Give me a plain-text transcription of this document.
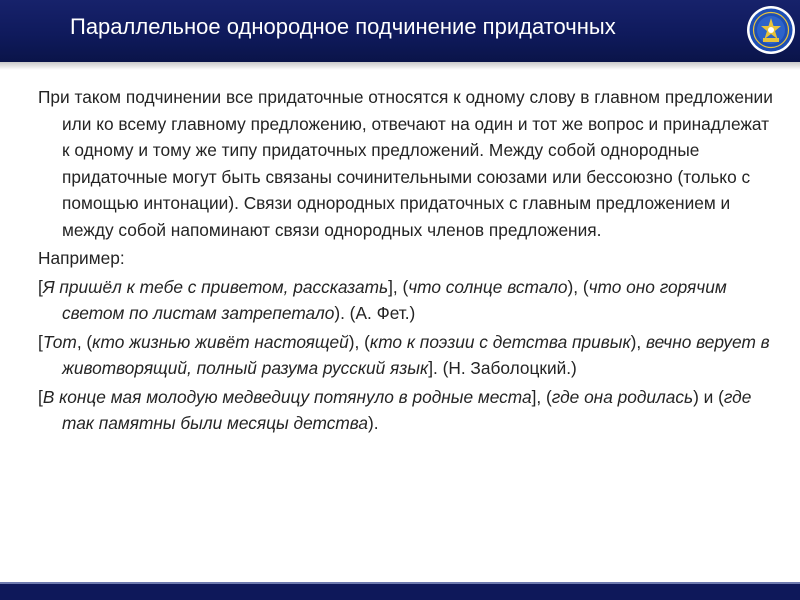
Параллельное однородное подчинение придаточных

При таком подчинении все придаточные относятся к одному слову в главном предложении или ко всему главному предложению, отвечают на один и тот же вопрос и принадлежат к одному и тому же типу придаточных предложений. Между собой однородные придаточные могут быть связаны сочинительными союзами или бессоюзно (только с помощью интонации). Связи однородных придаточных с главным предложением и между собой напоминают связи однородных членов предложения.

Например:

[Я пришёл к тебе с приветом, рассказать], (что солнце встало), (что оно горячим светом по листам затрепетало). (А. Фет.)

[Тот, (кто жизнью живёт настоящей), (кто к поэзии с детства привык), вечно верует в животворящий, полный разума русский язык]. (Н. Заболоцкий.)

[В конце мая молодую медведицу потянуло в родные места], (где она родилась) и (где так памятны были месяцы детства).
